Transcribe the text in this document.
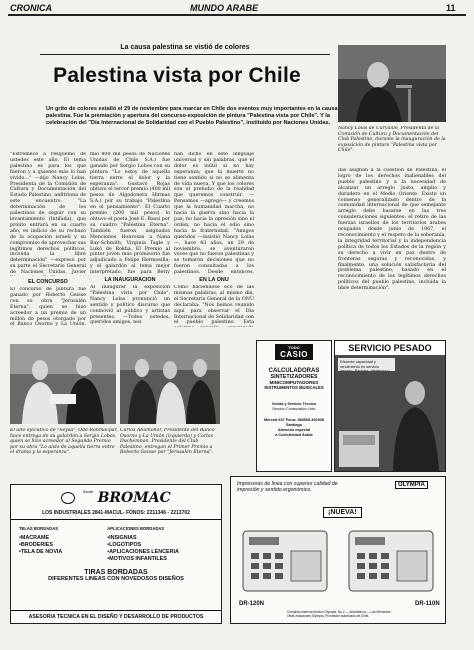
CRONICA	MUNDO ARABE	11
La causa palestina se vistió de colores
Palestina vista por Chile
Un grito de colores estalló el 29 de noviembre para marcar en Chile dos eventos muy importantes en la causa palestina. Fue la premiación y apertura del concurso-exposición de pintura "Palestina vista por Chile". Y la celebración del "Día Internacional de Solidaridad con el Pueblo Palestino", instituido por Naciones Unidas.
Nancy Lolas de Curvaille, Presidenta de la Comisión de Cultura y Documentación del Club Palestino, durante la inauguración de la exposición de pintura "Palestina vista por Chile".
"Estremece a resquemo de ustedes este año. El tema palestino es para los que fueron y a quienes más lo han vivido..." —dijo Nancy Lolas, Presidenta de la Comisión de Cultura y Documentación del Estado Palestino, anfitriona de este encuentro. "La determinación de los palestinos de seguir con su levantamiento (Intifada), que pronto entrará en su cuarto año, es indicio de su rechazo de la ocupación israelí y su compromiso de aprovechar sus legítimos derechos políticos, incluida la libre determinación" —expresó por su parte el Secretario General de Naciones Unidas, Javier
EL CONCURSO
El concurso de pintura fue ganado por Roberto Geisse con su obra "Jerusalén Eterna", quien se hizo acreedor a un premio de un millón de pesos otorgado por el Banco Osorno y La Unión.
mio 800 mil pesos de Naciones Unidas de Chile S.A.) fue ganado por Sergio Lobos con su pintura "Lo estoy de aquella tierra entre el dolor y la esperanza". Gustavo Rojas obtuvo el tercer premio (400 mil pesos de Algodonera Hirmas S.A.) por su trabajo "Palestina en el pensamiento". El Cuarto premio (200 mil pesos) lo obtuvo el poeta José E. Bassi por su cuadro "Palestina Eterna". También fueron asignados Menciones Honrosas a Nana Bay-Schmith, Virginia Tagle y Lukó de Rokha. El Premio al pintor joven más promisorio fue adjudicado a Felipe Hermosilla; y el galardón al tema mejor interpretado, fue para Betty
LA INAUGURACION
Al inaugurar la exposición "Palestina vista por Chile", Nancy Lolas pronunció un sentido y político discurso que conmovió al público y artistas presentes. —Todos ustedes, queridos amigos, nos
han dicho en este lenguaje universal y sin palabras, qué el dolor es inútil si no hay esperanza; que la muerte no tiene sentido si no se alimenta de vida nueva. Y que los colores son el preludio de la realidad que queremos construir. —Pensamos —agregó— y creemos que la humanidad marcha, no hacia la guerra sino hacia la paz; no hacia la opresión sino el orden, no hacia el odio sino hacia la fraternidad. "Amigos queridos —insistió Nancy Lolas—, hace 43 años, un 29 de noviembre, se aventuraron voces que no fueron palestinas y se tomaron decisiones que no fueron consultadas a los palestinos. Desde entonces,
EN LA ONU
Como haciéndose eco de las mismas palabras, al mismo día, el Secretario General de la ONU declaraba: "Nos hemos reunido aquí para observar el Día Internacional de Solidaridad con el pueblo palestino. Esta
das asignan a la cuestión de Palestina, el logro de los derechos inalienables del pueblo palestino y a la necesidad de alcanzar un arreglo justo, amplio y duradero en el Medio Oriente. Existe un consenso generalizado dentro de la comunidad internacional de que semejante arreglo debe basarse en las tres consideraciones siguientes: el retiro de las fuerzas israelíes de los territorios árabes ocupados desde junio de 1967, el reconocimiento y el respeto de la soberanía, la integridad territorial y la independencia política de todos los Estados de la región y su derecho a vivir en paz dentro de fronteras seguras y reconocidas, y finalmente, una solución satisfactoria del problema palestino, basado en el reconocimiento de los legítimos derechos políticos del pueblo palestino, incluida la libre determinación".
TODO
CASIO
CALCULADORAS
SINTETIZADORES
MINICOMPUTADORES
INSTRUMENTOS MUSICALES
Ventas y Servicio Técnico
Servicio Comercializo Ltda.
Merced 637 Fono: 380565-392938
Santiago
Atención especial
a Colectividad Árabe
SERVICIO PESADO
Eficiente capacidad y rendimiento en servicio
El alto ejecutivo de "Seysa", Ode Rahmacpar, hace entrega de su galardón a Sergio Lobos, quien se hizo acreedor al Segundo Premio por su obra "Lo aislo de aquella tierra entre el drama y la esperanza".
Carlos Abumohor, Presidente del Banco Osorno y La Unión (izquierda) y Carlos Duchemnan, Presidente del Club Palestino, entregan el Primer Premio a Roberto Geisse por "Jerusalén Eterna".
$^{Santé}$ BROMAC
LOS INDUSTRIALES 2841-MACUL- FONOS: 2211346 - 2213702
TELAS BORDADAS
•MACRAME
•BRODERIES
•TELA DE NOVIA
APLICACIONES BORDADAS
•INSIGNIAS
•LOGOTIPOS
•APLICACIONES LENCERIA
•MOTIVOS INFANTILES
TIRAS BORDADAS
DIFERENTES LINEAS CON NOVEDOSOS DISEÑOS
ASESORIA TECNICA EN EL DISEÑO Y DESARROLLO DE PRODUCTOS
Impresoras de linea con superior calidad de impresión y sentido ergonómico.
OLYMPIA
¡NUEVA!
DR-120N	DR-110N
Completo sistema técnico Olympia. No 2 — Antofabrica — Las Mercedes. Otras estaciones Olympia. Proveedor autorizado de Chile.
